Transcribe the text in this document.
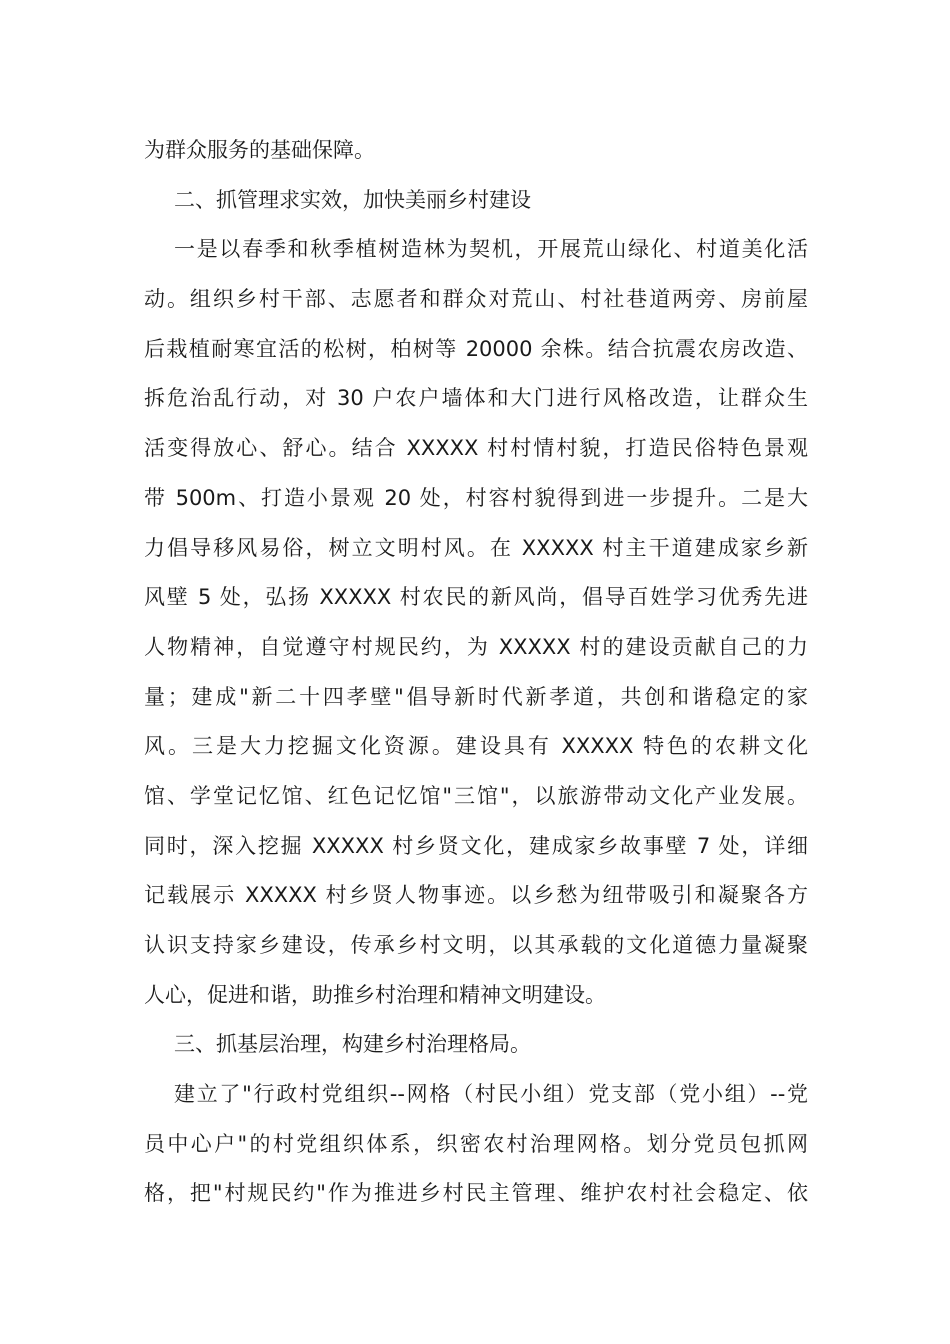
为群众服务的基础保障。
二、抓管理求实效，加快美丽乡村建设
一是以春季和秋季植树造林为契机，开展荒山绿化、村道美化活
动。组织乡村干部、志愿者和群众对荒山、村社巷道两旁、房前屋
后栽植耐寒宜活的松树，柏树等 20000 余株。结合抗震农房改造、
拆危治乱行动，对 30 户农户墙体和大门进行风格改造，让群众生
活变得放心、舒心。结合 XXXXX 村村情村貌，打造民俗特色景观
带 500m、打造小景观 20 处，村容村貌得到进一步提升。二是大
力倡导移风易俗，树立文明村风。在 XXXXX 村主干道建成家乡新
风壁 5 处，弘扬 XXXXX 村农民的新风尚，倡导百姓学习优秀先进
人物精神，自觉遵守村规民约，为 XXXXX 村的建设贡献自己的力
量；建成"新二十四孝壁"倡导新时代新孝道，共创和谐稳定的家
风。三是大力挖掘文化资源。建设具有 XXXXX 特色的农耕文化
馆、学堂记忆馆、红色记忆馆"三馆"，以旅游带动文化产业发展。
同时，深入挖掘 XXXXX 村乡贤文化，建成家乡故事壁 7 处，详细
记载展示 XXXXX 村乡贤人物事迹。以乡愁为纽带吸引和凝聚各方
认识支持家乡建设，传承乡村文明，以其承载的文化道德力量凝聚
人心，促进和谐，助推乡村治理和精神文明建设。
三、抓基层治理，构建乡村治理格局。
建立了"行政村党组织--网格（村民小组）党支部（党小组）--党
员中心户"的村党组织体系，织密农村治理网格。划分党员包抓网
格，把"村规民约"作为推进乡村民主管理、维护农村社会稳定、依
